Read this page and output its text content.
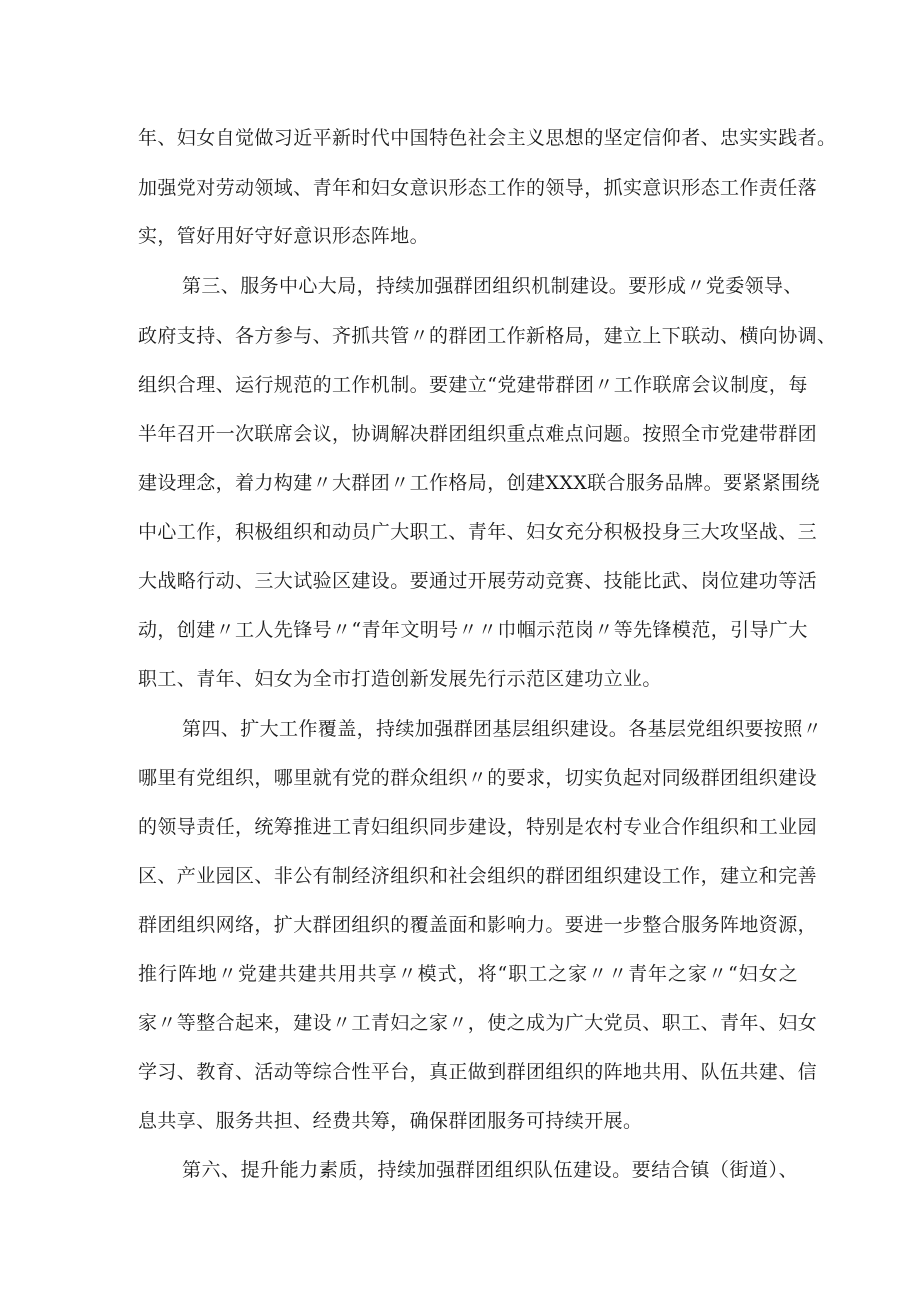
年、妇女自觉做习近平新时代中国特色社会主义思想的坚定信仰者、忠实实践者。
加强党对劳动领域、青年和妇女意识形态工作的领导，抓实意识形态工作责任落
实，管好用好守好意识形态阵地。
第三、服务中心大局，持续加强群团组织机制建设。要形成〃党委领导、
政府支持、各方参与、齐抓共管〃的群团工作新格局，建立上下联动、横向协调、
组织合理、运行规范的工作机制。要建立“党建带群团〃工作联席会议制度，每
半年召开一次联席会议，协调解决群团组织重点难点问题。按照全市党建带群团
建设理念，着力构建〃大群团〃工作格局，创建XXX联合服务品牌。要紧紧围绕
中心工作，积极组织和动员广大职工、青年、妇女充分积极投身三大攻坚战、三
大战略行动、三大试验区建设。要通过开展劳动竞赛、技能比武、岗位建功等活
动，创建〃工人先锋号〃“青年文明号〃〃巾帼示范岗〃等先锋模范，引导广大
职工、青年、妇女为全市打造创新发展先行示范区建功立业。
第四、扩大工作覆盖，持续加强群团基层组织建设。各基层党组织要按照〃
哪里有党组织，哪里就有党的群众组织〃的要求，切实负起对同级群团组织建设
的领导责任，统筹推进工青妇组织同步建设，特别是农村专业合作组织和工业园
区、产业园区、非公有制经济组织和社会组织的群团组织建设工作，建立和完善
群团组织网络，扩大群团组织的覆盖面和影响力。要进一步整合服务阵地资源，
推行阵地〃党建共建共用共享〃模式，将“职工之家〃〃青年之家〃“妇女之
家〃等整合起来，建设〃工青妇之家〃，使之成为广大党员、职工、青年、妇女
学习、教育、活动等综合性平台，真正做到群团组织的阵地共用、队伍共建、信
息共享、服务共担、经费共筹，确保群团服务可持续开展。
第六、提升能力素质，持续加强群团组织队伍建设。要结合镇（街道）、
